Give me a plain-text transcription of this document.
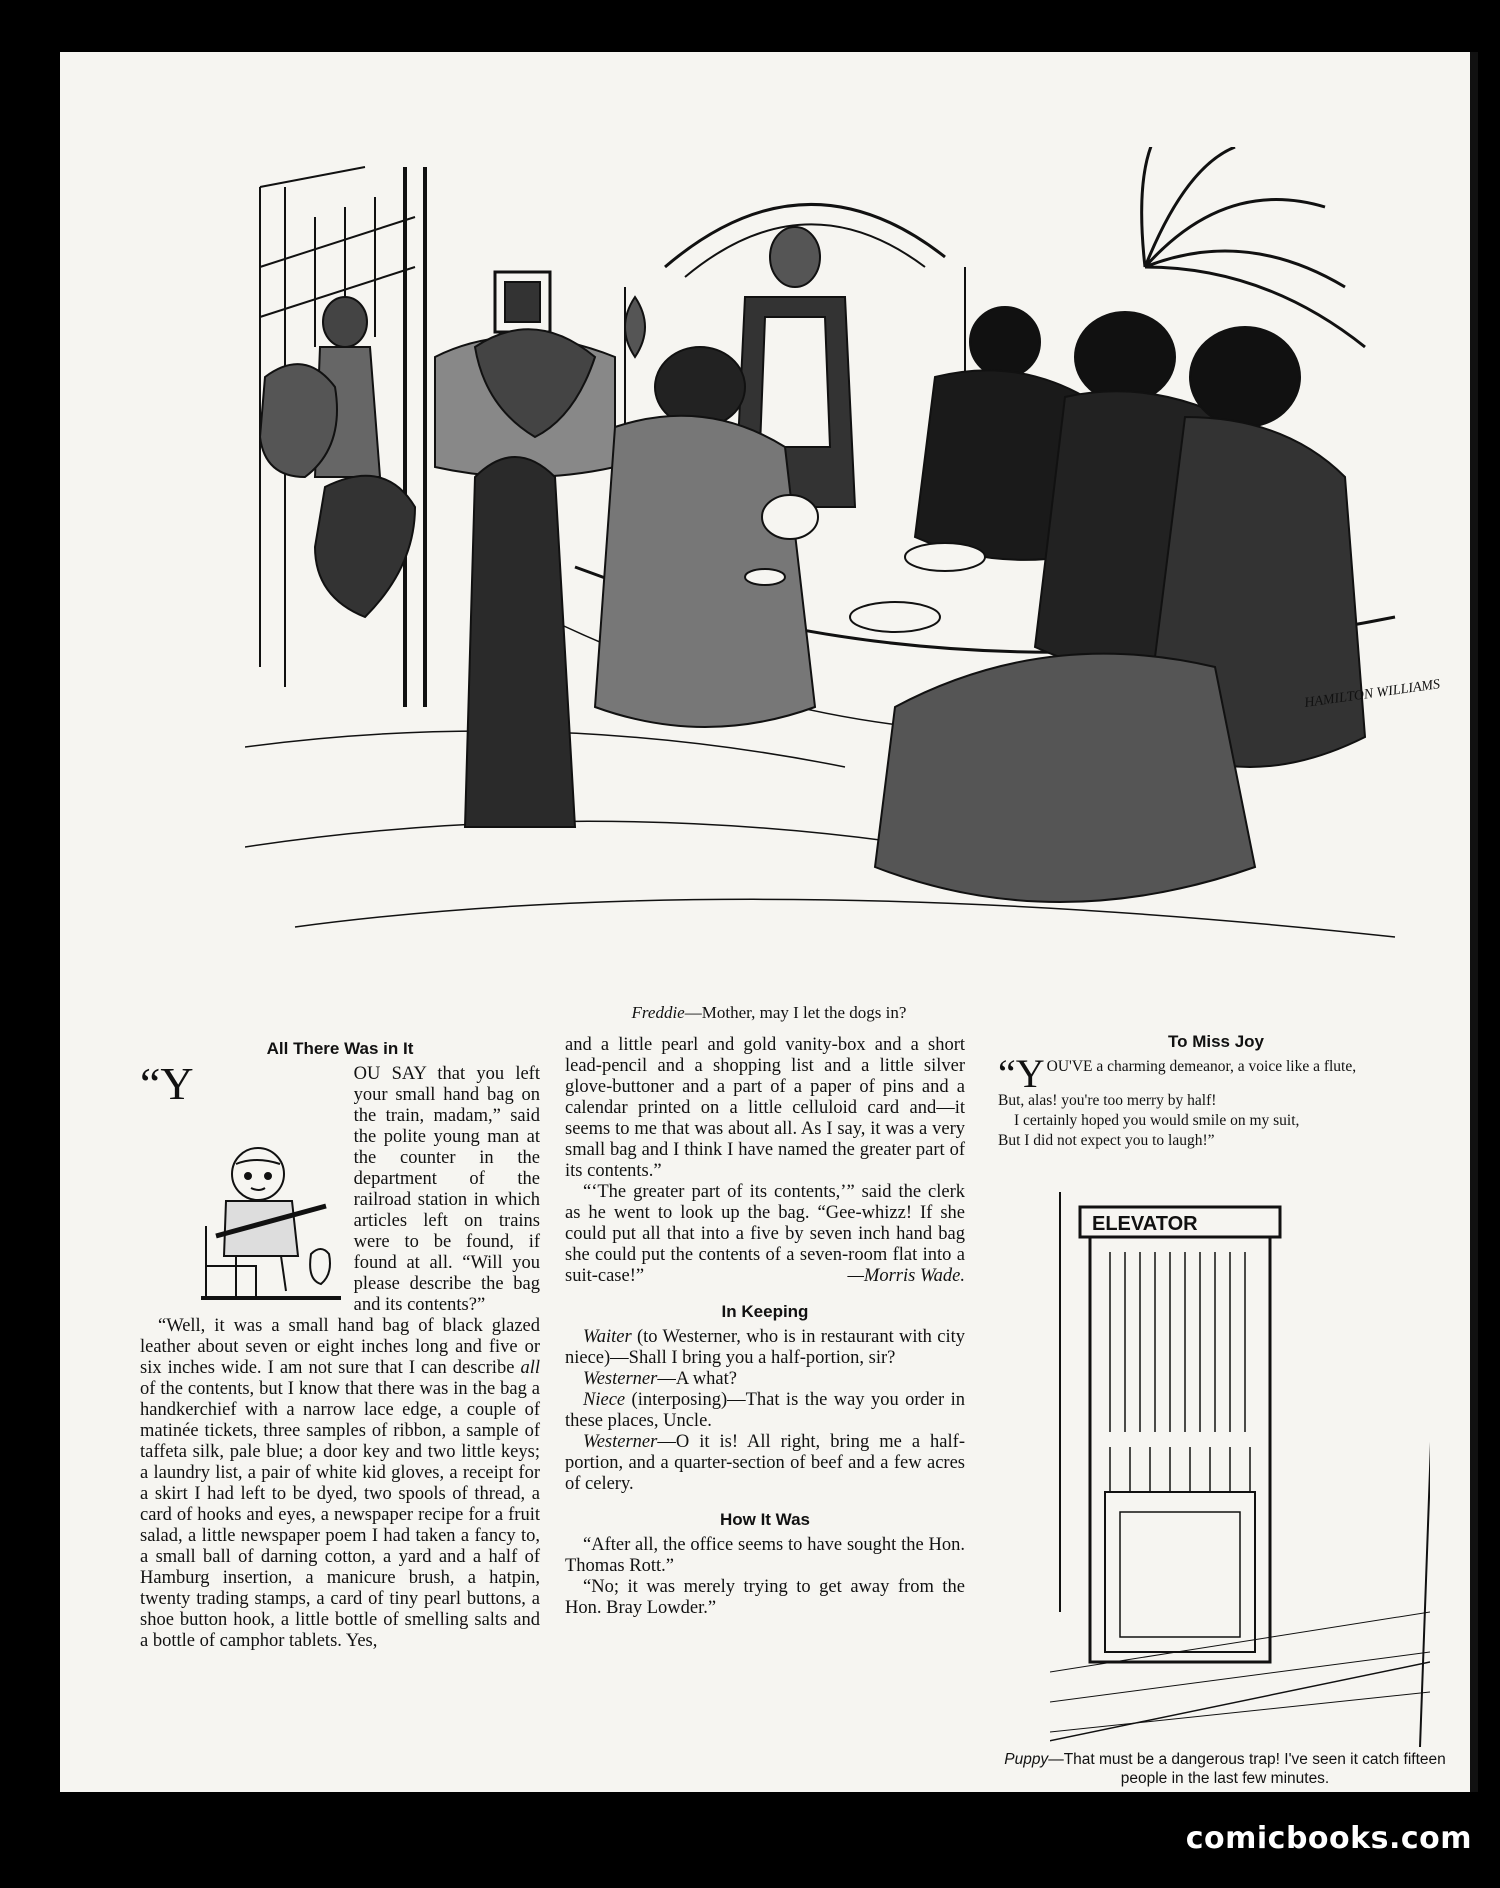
HAMILTON WILLIAMS
Freddie—Mother, may I let the dogs in?
All There Was in It

“Y	OU SAY that you left your small hand bag on the train, madam,” said the polite young man at the counter in the department of the railroad station in which articles left on trains were to be found, if found at all. “Will you please describe the bag and its contents?”

“Well, it was a small hand bag of black glazed leather about seven or eight inches long and five or six inches wide. I am not sure that I can describe all of the contents, but I know that there was in the bag a handkerchief with a narrow lace edge, a couple of matinée tickets, three samples of ribbon, a sample of taffeta silk, pale blue; a door key and two little keys; a laundry list, a pair of white kid gloves, a receipt for a skirt I had left to be dyed, two spools of thread, a card of hooks and eyes, a newspaper recipe for a fruit salad, a little newspaper poem I had taken a fancy to, a small ball of darning cotton, a yard and a half of Hamburg insertion, a manicure brush, a hatpin, twenty trading stamps, a card of tiny pearl buttons, a shoe button hook, a little bottle of smelling salts and a bottle of camphor tablets. Yes,

and a little pearl and gold vanity-box and a short lead-pencil and a shopping list and a little silver glove-buttoner and a part of a paper of pins and a calendar printed on a little celluloid card and—it seems to me that was about all. As I say, it was a very small bag and I think I have named the greater part of its contents.”

“‘The greater part of its contents,’” said the clerk as he went to look up the bag. “Gee-whizz! If she could put all that into a five by seven inch hand bag she could put the contents of a seven-room flat into a suit-case!”	—Morris Wade.

In Keeping

Waiter (to Westerner, who is in restaurant with city niece)—Shall I bring you a half-portion, sir?

Westerner—A what?

Niece (interposing)—That is the way you order in these places, Uncle.

Westerner—O it is! All right, bring me a half-portion, and a quarter-section of beef and a few acres of celery.

How It Was

“After all, the office seems to have sought the Hon. Thomas Rott.”

“No; it was merely trying to get away from the Hon. Bray Lowder.”

To Miss Joy
“YOU'VE a charming demeanor, a voice like a flute,
But, alas! you're too merry by half!
I certainly hoped you would smile on my suit,
But I did not expect you to laugh!”
ELEVATOR
Puppy—That must be a dangerous trap! I've seen it catch fifteen people in the last few minutes.
comicbooks.com
